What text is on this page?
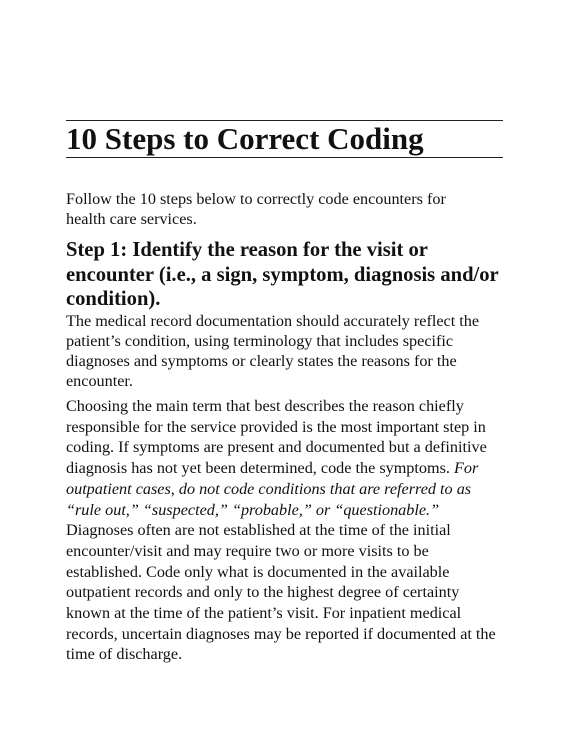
10 Steps to Correct Coding

Follow the 10 steps below to correctly code encounters for health care services.

Step 1: Identify the reason for the visit or encounter (i.e., a sign, symptom, diagnosis and/or condition).

The medical record documentation should accurately reflect the patient’s condition, using terminology that includes specific diagnoses and symptoms or clearly states the reasons for the encounter.

Choosing the main term that best describes the reason chiefly responsible for the service provided is the most important step in coding. If symptoms are present and documented but a definitive diagnosis has not yet been determined, code the symptoms. For outpatient cases, do not code conditions that are referred to as “rule out,” “suspected,” “probable,” or “questionable.” Diagnoses often are not established at the time of the initial encounter/visit and may require two or more visits to be established. Code only what is documented in the available outpatient records and only to the highest degree of certainty known at the time of the patient’s visit. For inpatient medical records, uncertain diagnoses may be reported if documented at the time of discharge.
